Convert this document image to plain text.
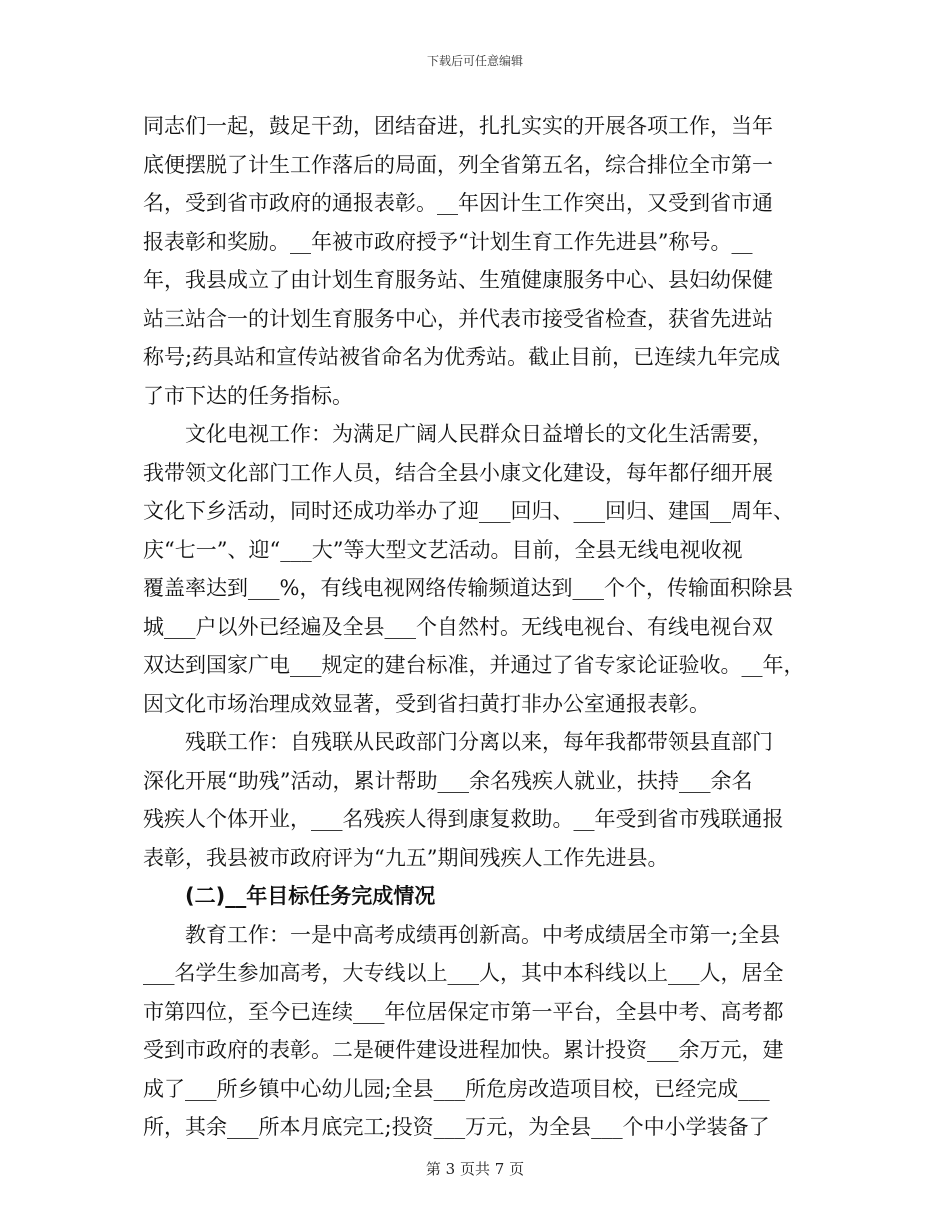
下载后可任意编辑
同志们一起，鼓足干劲，团结奋进，扎扎实实的开展各项工作，当年
底便摆脱了计生工作落后的局面，列全省第五名，综合排位全市第一
名，受到省市政府的通报表彰。__年因计生工作突出，又受到省市通
报表彰和奖励。__年被市政府授予“计划生育工作先进县”称号。__
年，我县成立了由计划生育服务站、生殖健康服务中心、县妇幼保健
站三站合一的计划生育服务中心，并代表市接受省检查，获省先进站
称号;药具站和宣传站被省命名为优秀站。截止目前，已连续九年完成
了市下达的任务指标。
　　文化电视工作：为满足广阔人民群众日益增长的文化生活需要，
我带领文化部门工作人员，结合全县小康文化建设，每年都仔细开展
文化下乡活动，同时还成功举办了迎___回归、___回归、建国__周年、
庆“七一”、迎“___大”等大型文艺活动。目前，全县无线电视收视
覆盖率达到___%，有线电视网络传输频道达到___个个，传输面积除县
城___户以外已经遍及全县___个自然村。无线电视台、有线电视台双
双达到国家广电___规定的建台标准，并通过了省专家论证验收。__年，
因文化市场治理成效显著，受到省扫黄打非办公室通报表彰。
　　残联工作：自残联从民政部门分离以来，每年我都带领县直部门
深化开展“助残”活动，累计帮助___余名残疾人就业，扶持___余名
残疾人个体开业，___名残疾人得到康复救助。__年受到省市残联通报
表彰，我县被市政府评为“九五”期间残疾人工作先进县。
　　(二)__年目标任务完成情况
　　教育工作：一是中高考成绩再创新高。中考成绩居全市第一;全县
___名学生参加高考，大专线以上___人，其中本科线以上___人，居全
市第四位，至今已连续___年位居保定市第一平台，全县中考、高考都
受到市政府的表彰。二是硬件建设进程加快。累计投资___余万元，建
成了___所乡镇中心幼儿园;全县___所危房改造项目校，已经完成___
所，其余___所本月底完工;投资___万元，为全县___个中小学装备了
第 3 页共 7 页
